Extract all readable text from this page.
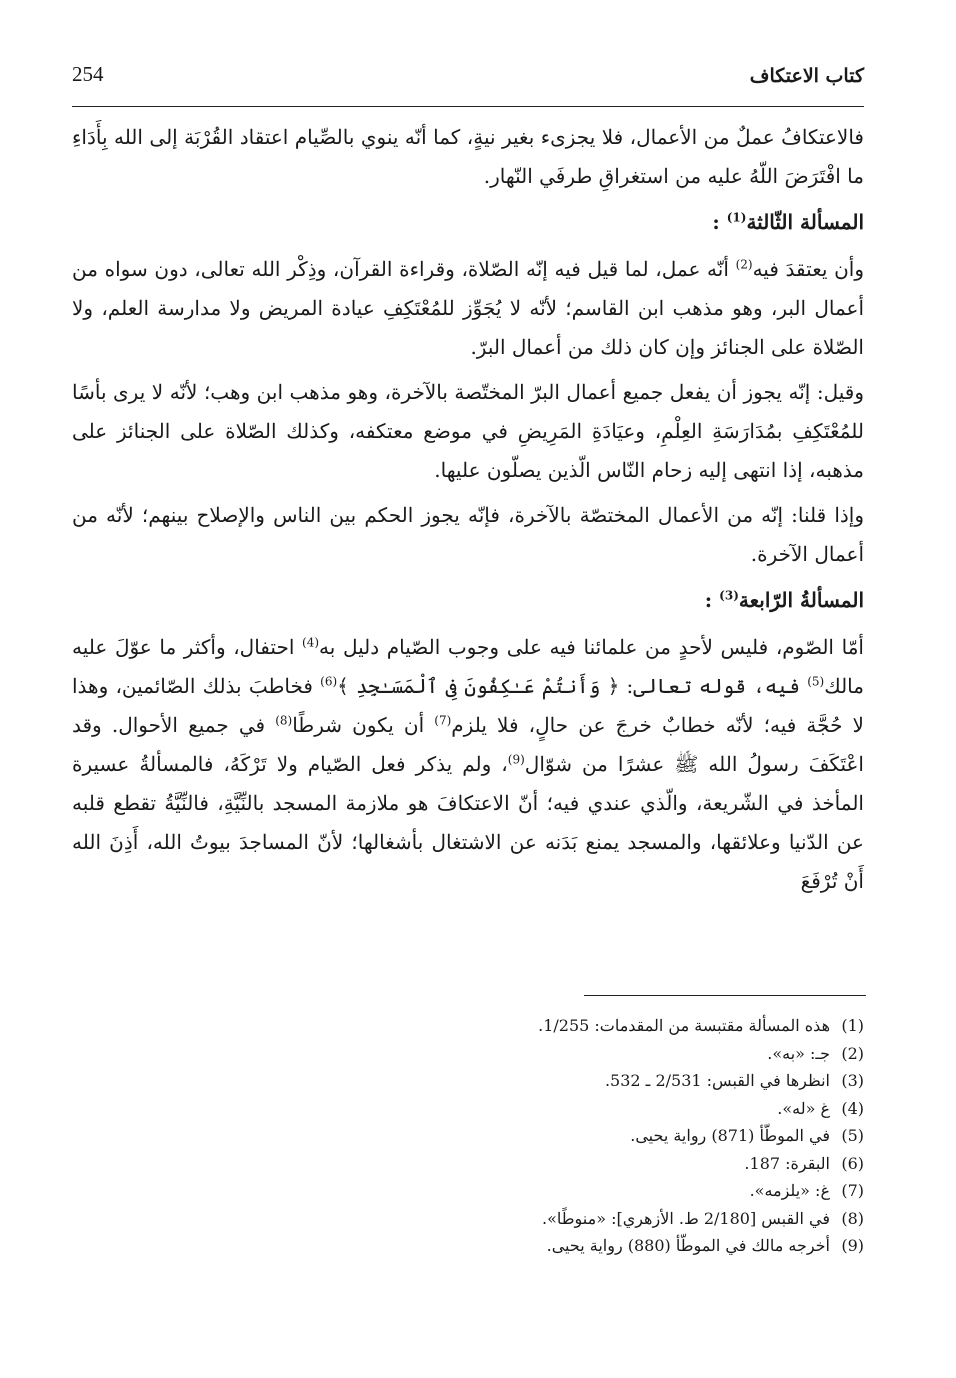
254	كتاب الاعتكاف

فالاعتكافُ عملٌ من الأعمال، فلا يجزىء بغير نيةٍ، كما أنّه ينوي بالصِّيام اعتقاد القُرْبَة إلى الله بِأَدَاءِ ما افْتَرَضَ اللّهُ عليه من استغراقِ طرفَي النّهار.

المسألة الثّالثة$^{(1)}$ :

وأن يعتقدَ فيه$^{(2)}$ أنّه عمل، لما قيل فيه إنّه الصّلاة، وقراءة القرآن، وذِكْر الله تعالى، دون سواه من أعمال البر، وهو مذهب ابن القاسم؛ لأنّه لا يُجَوِّز للمُعْتَكِفِ عيادة المريض ولا مدارسة العلم، ولا الصّلاة على الجنائز وإن كان ذلك من أعمال البرّ.

وقيل: إنّه يجوز أن يفعل جميع أعمال البرّ المختّصة بالآخرة، وهو مذهب ابن وهب؛ لأنّه لا يرى بأسًا للمُعْتَكِفِ بمُدَارَسَةِ العِلْمِ، وعيَادَةِ المَرِيضِ في موضع معتكفه، وكذلك الصّلاة على الجنائز على مذهبه، إذا انتهى إليه زحام النّاس الّذين يصلّون عليها.

وإذا قلنا: إنّه من الأعمال المختصّة بالآخرة، فإنّه يجوز الحكم بين الناس والإصلاح بينهم؛ لأنّه من أعمال الآخرة.

المسألةُ الرّابعة$^{(3)}$ :

أمّا الصّوم، فليس لأحدٍ من علمائنا فيه على وجوب الصّيام دليل به$^{(4)}$ احتفال، وأكثر ما عوّلَ عليه مالك$^{(5)}$ فيه، قوله تعالى: ﴿ وَأَنتُمْ عَـٰكِفُونَ فِى ٱلْمَسَـٰجِدِ ﴾$^{(6)}$ فخاطبَ بذلك الصّائمين، وهذا لا حُجَّة فيه؛ لأنّه خطابٌ خرجَ عن حالٍ، فلا يلزم$^{(7)}$ أن يكون شرطًا$^{(8)}$ في جميع الأحوال. وقد اعْتَكَفَ رسولُ الله ﷺ عشرًا من شوّال$^{(9)}$، ولم يذكر فعل الصّيام ولا تَرْكَهُ، فالمسألةُ عسيرة المأخذ في الشّريعة، والّذي عندي فيه؛ أنّ الاعتكافَ هو ملازمة المسجد بالنِّيَّةِ، فالنِّيَّةُ تقطع قلبه عن الدّنيا وعلائقها، والمسجد يمنع بَدَنه عن الاشتغال بأشغالها؛ لأنّ المساجدَ بيوتُ الله، أَذِنَ الله أَنْ تُرْفَعَ

(1)هذه المسألة مقتبسة من المقدمات: 1/255.
(2)جـ: «به».
(3)انظرها في القبس: 2/531 ـ 532.
(4)غ «له».
(5)في الموطّأ (871) رواية يحيى.
(6)البقرة: 187.
(7)غ: «يلزمه».
(8)في القبس [2/180 ط. الأزهري]: «منوطًا».
(9)أخرجه مالك في الموطّأ (880) رواية يحيى.
